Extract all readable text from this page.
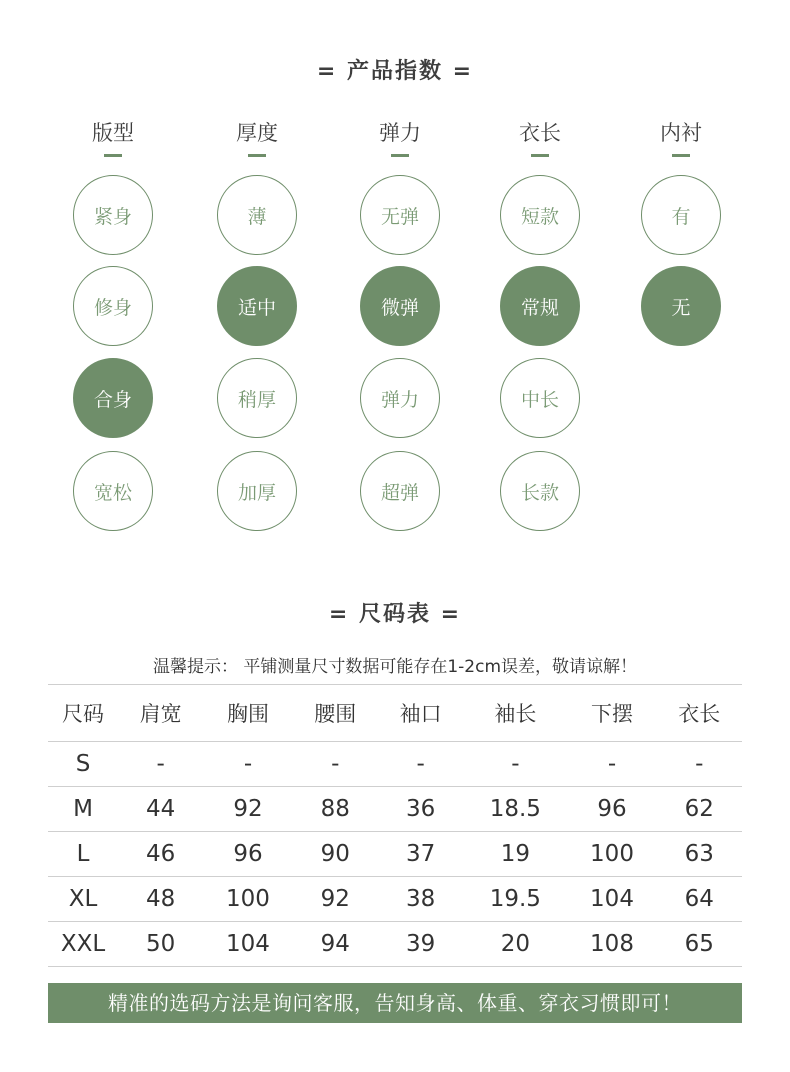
= 产品指数 =
版型
紧身
修身
合身
宽松
厚度
薄
适中
稍厚
加厚
弹力
无弹
微弹
弹力
超弹
衣长
短款
常规
中长
长款
内衬
有
无
= 尺码表 =
温馨提示： 平铺测量尺寸数据可能存在1-2cm误差，敬请谅解！
尺码	肩宽	胸围	腰围	袖口	袖长	下摆	衣长
S	-	-	-	-	-	-	-
M	44	92	88	36	18.5	96	62
L	46	96	90	37	19	100	63
XL	48	100	92	38	19.5	104	64
XXL	50	104	94	39	20	108	65
精准的选码方法是询问客服，告知身高、体重、穿衣习惯即可！
